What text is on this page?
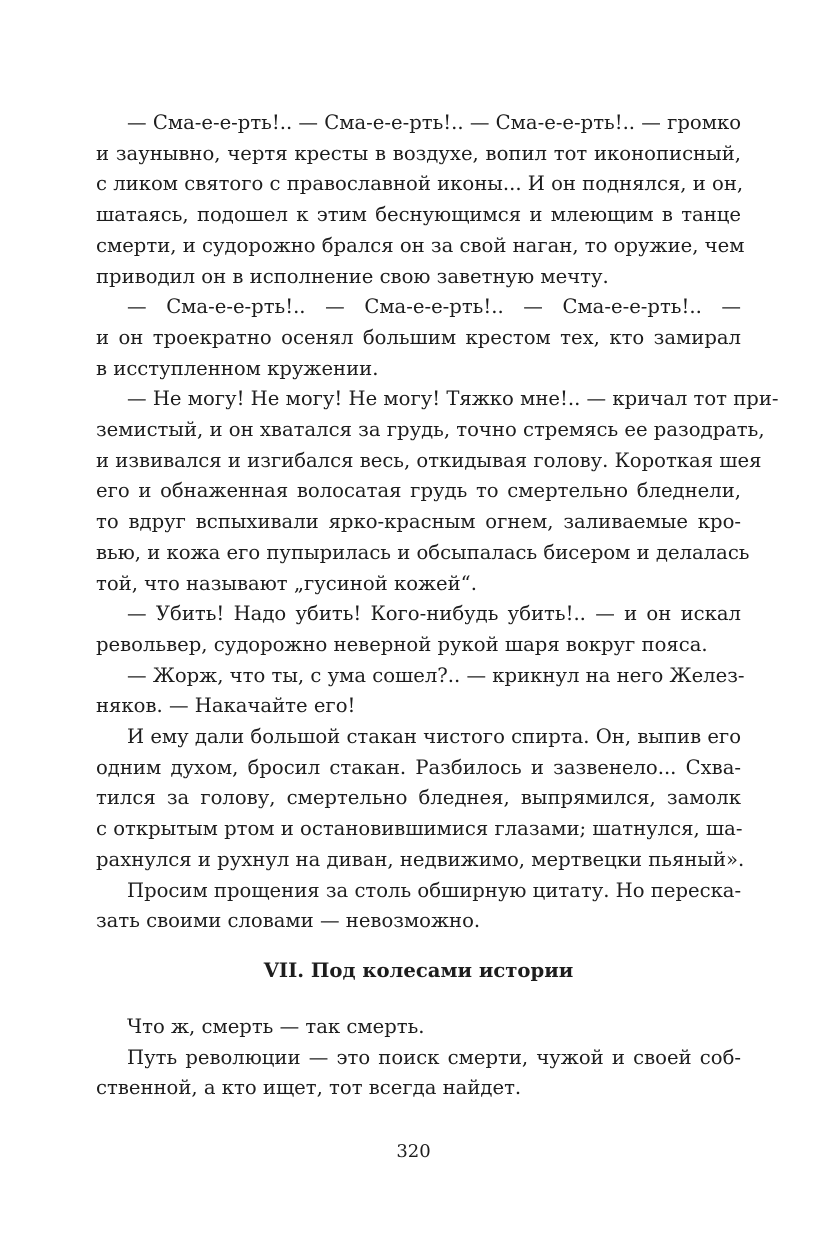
— Сма-е-е-рть!.. — Сма-е-е-рть!.. — Сма-е-е-рть!.. — громко
и заунывно, чертя кресты в воздухе, вопил тот иконописный,
с ликом святого с православной иконы... И он поднялся, и он,
шатаясь, подошел к этим беснующимся и млеющим в танце
смерти, и судорожно брался он за свой наган, то оружие, чем
приводил он в исполнение свою заветную мечту.

— Сма-е-е-рть!.. — Сма-е-е-рть!.. — Сма-е-е-рть!.. —
и он троекратно осенял большим крестом тех, кто замирал
в исступленном кружении.

— Не могу! Не могу! Не могу! Тяжко мне!.. — кричал тот при-
земистый, и он хватался за грудь, точно стремясь ее разодрать,
и извивался и изгибался весь, откидывая голову. Короткая шея
его и обнаженная волосатая грудь то смертельно бледнели,
то вдруг вспыхивали ярко-красным огнем, заливаемые кро-
вью, и кожа его пупырилась и обсыпалась бисером и делалась
той, что называют „гусиной кожей“.

— Убить! Надо убить! Кого-нибудь убить!.. — и он искал
револьвер, судорожно неверной рукой шаря вокруг пояса.

— Жорж, что ты, с ума сошел?.. — крикнул на него Желез-
няков. — Накачайте его!

И ему дали большой стакан чистого спирта. Он, выпив его
одним духом, бросил стакан. Разбилось и зазвенело... Схва-
тился за голову, смертельно бледнея, выпрямился, замолк
с открытым ртом и остановившимися глазами; шатнулся, ша-
рахнулся и рухнул на диван, недвижимо, мертвецки пьяный».

Просим прощения за столь обширную цитату. Но переска-
зать своими словами — невозможно.

VII. Под колесами истории

Что ж, смерть — так смерть.

Путь революции — это поиск смерти, чужой и своей соб-
ственной, а кто ищет, тот всегда найдет.

320
